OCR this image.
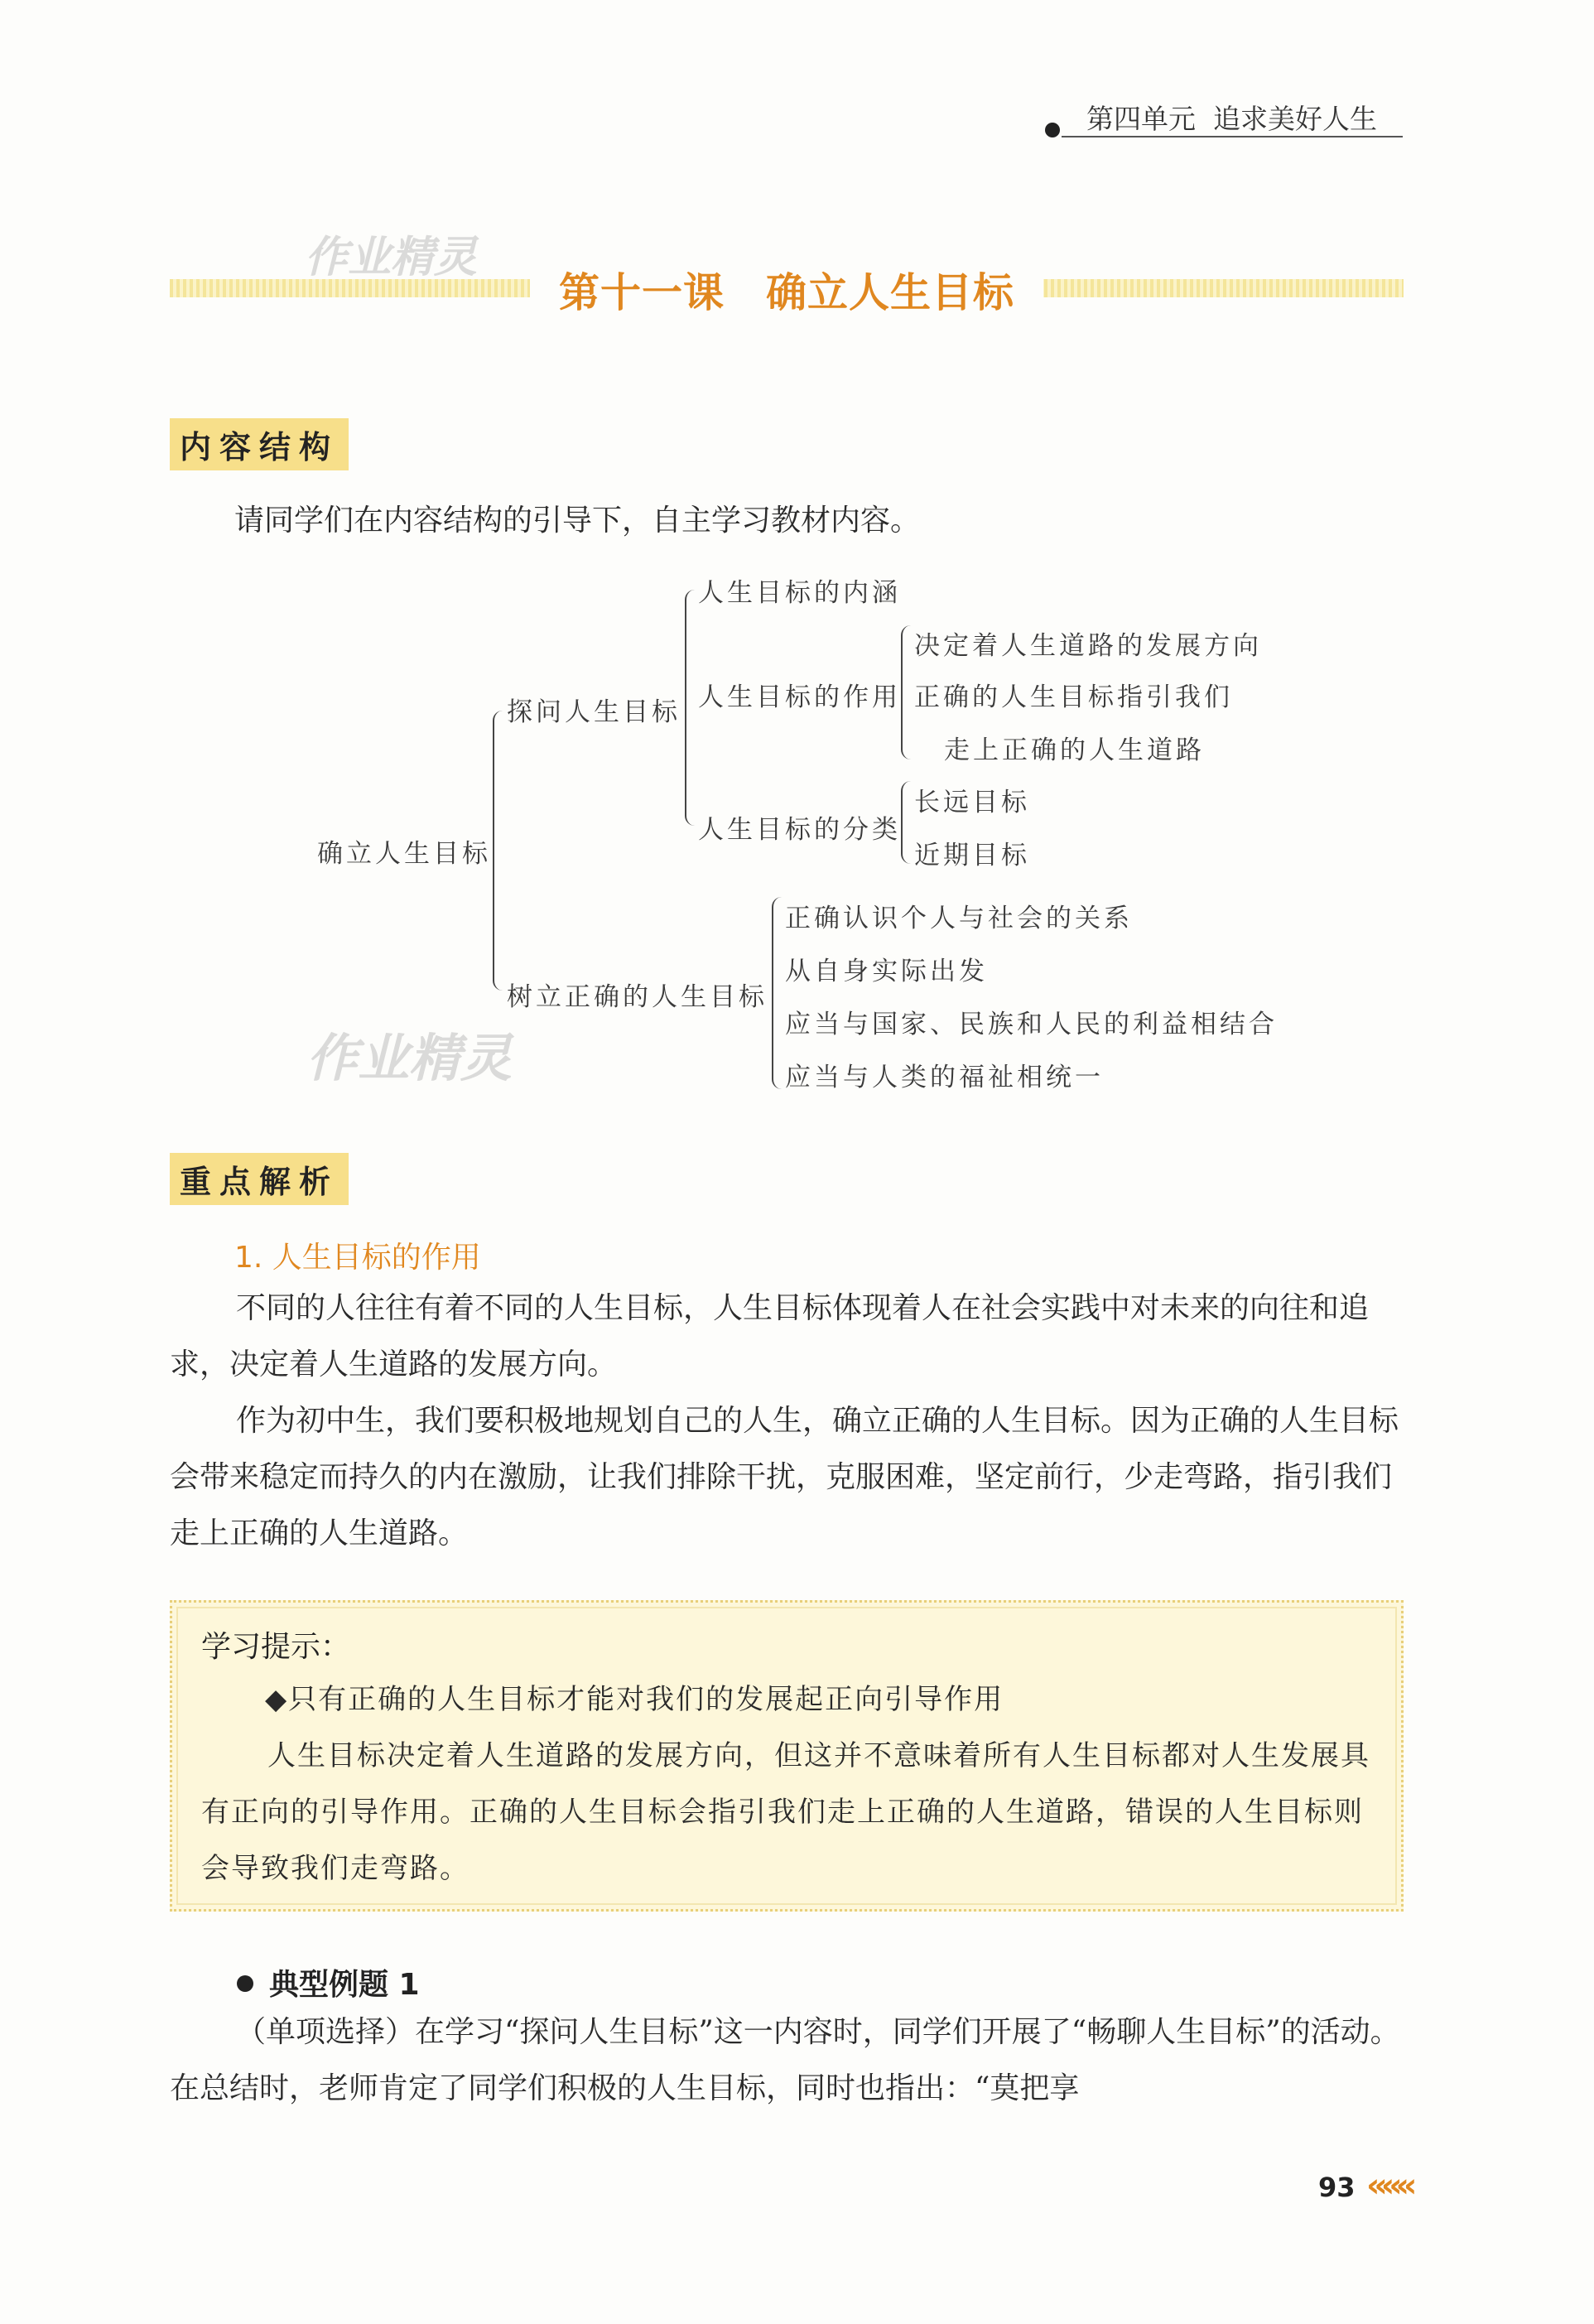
第四单元 追求美好人生
作业精灵
第十一课　确立人生目标
内容结构
请同学们在内容结构的引导下，自主学习教材内容。
确立人生目标
探问人生目标
人生目标的内涵
人生目标的作用
决定着人生道路的发展方向
正确的人生目标指引我们
走上正确的人生道路
人生目标的分类
长远目标
近期目标
树立正确的人生目标
正确认识个人与社会的关系
从自身实际出发
应当与国家、民族和人民的利益相结合
应当与人类的福祉相统一
作业精灵
重点解析
1. 人生目标的作用
不同的人往往有着不同的人生目标，人生目标体现着人在社会实践中对未来的向往和追求，决定着人生道路的发展方向。
作为初中生，我们要积极地规划自己的人生，确立正确的人生目标。因为正确的人生目标会带来稳定而持久的内在激励，让我们排除干扰，克服困难，坚定前行，少走弯路，指引我们走上正确的人生道路。
学习提示：
◆只有正确的人生目标才能对我们的发展起正向引导作用
人生目标决定着人生道路的发展方向，但这并不意味着所有人生目标都对人生发展具有正向的引导作用。正确的人生目标会指引我们走上正确的人生道路，错误的人生目标则会导致我们走弯路。
典型例题 1
（单项选择）在学习“探问人生目标”这一内容时，同学们开展了“畅聊人生目标”的活动。在总结时，老师肯定了同学们积极的人生目标，同时也指出：“莫把享
93 «««
